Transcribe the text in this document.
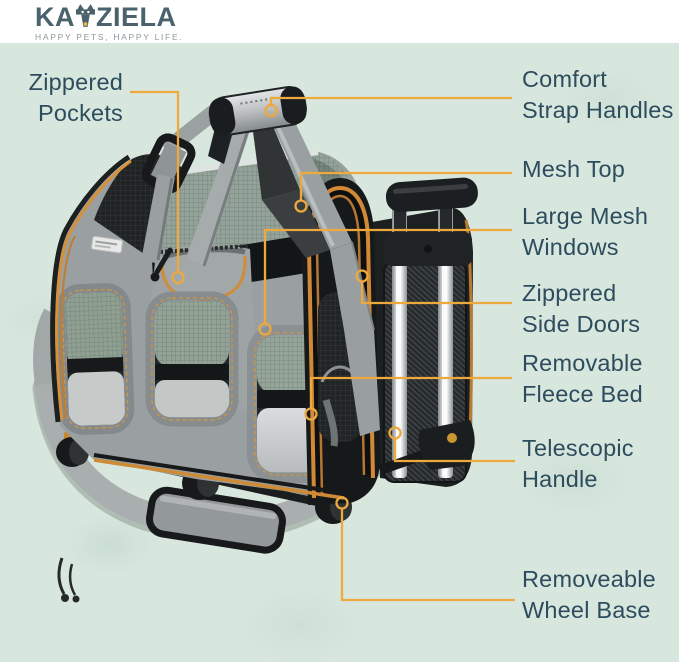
KA ZIELA
HAPPY PETS, HAPPY LIFE.
Zippered
Pockets
Comfort
Strap Handles
Mesh Top
Large Mesh
Windows
Zippered
Side Doors
Removable
Fleece Bed
Telescopic
Handle
Removeable
Wheel Base
